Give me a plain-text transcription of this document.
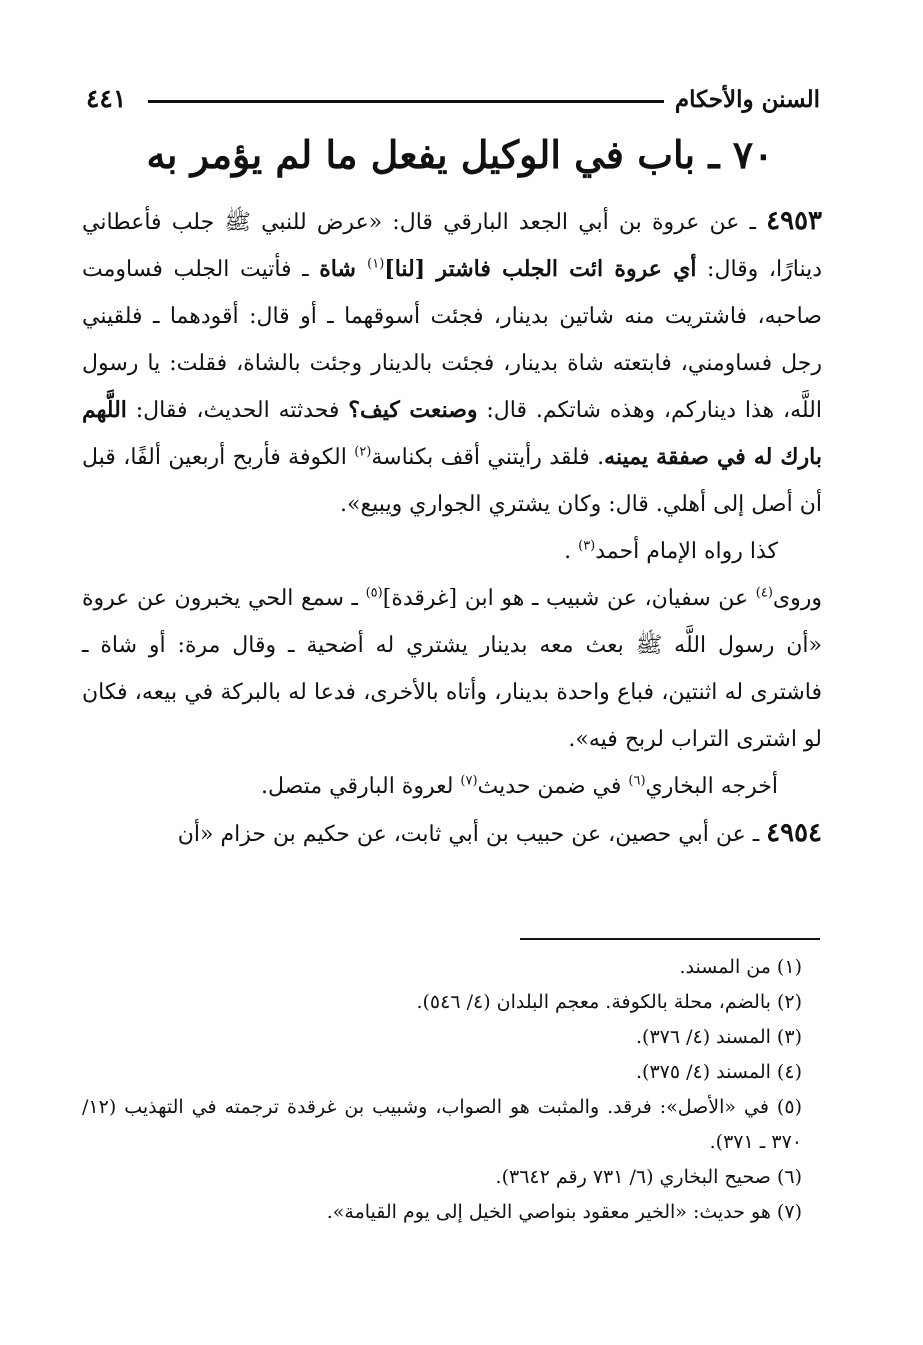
السنن والأحكام
٤٤١
٧٠ ـ باب في الوكيل يفعل ما لم يؤمر به

٤٩٥٣ ـ عن عروة بن أبي الجعد البارقي قال: «عرض للنبي ﷺ جلب فأعطاني دينارًا، وقال: أي عروة ائت الجلب فاشتر [لنا]$^{(١)}$ شاة ـ فأتيت الجلب فساومت صاحبه، فاشتريت منه شاتين بدينار، فجئت أسوقهما ـ أو قال: أقودهما ـ فلقيني رجل فساومني، فابتعته شاة بدينار، فجئت بالدينار وجئت بالشاة، فقلت: يا رسول اللَّه، هذا ديناركم، وهذه شاتكم. قال: وصنعت كيف؟ فحدثته الحديث، فقال: اللَّهم بارك له في صفقة يمينه. فلقد رأيتني أقف بكناسة$^{(٢)}$ الكوفة فأربح أربعين ألفًا، قبل أن أصل إلى أهلي. قال: وكان يشتري الجواري ويبيع».

كذا رواه الإمام أحمد$^{(٣)}$ .

وروى$^{(٤)}$ عن سفيان، عن شبيب ـ هو ابن [غرقدة]$^{(٥)}$ ـ سمع الحي يخبرون عن عروة «أن رسول اللَّه ﷺ بعث معه بدينار يشتري له أضحية ـ وقال مرة: أو شاة ـ فاشترى له اثنتين، فباع واحدة بدينار، وأتاه بالأخرى، فدعا له بالبركة في بيعه، فكان لو اشترى التراب لربح فيه».

أخرجه البخاري$^{(٦)}$ في ضمن حديث$^{(٧)}$ لعروة البارقي متصل.

٤٩٥٤ ـ عن أبي حصين، عن حبيب بن أبي ثابت، عن حكيم بن حزام «أن

(١) من المسند.

(٢) بالضم، محلة بالكوفة. معجم البلدان (٤/ ٥٤٦).

(٣) المسند (٤/ ٣٧٦).

(٤) المسند (٤/ ٣٧٥).

(٥) في «الأصل»: فرقد. والمثبت هو الصواب، وشبيب بن غرقدة ترجمته في التهذيب (١٢/ ٣٧٠ ـ ٣٧١).

(٦) صحيح البخاري (٦/ ٧٣١ رقم ٣٦٤٢).

(٧) هو حديث: «الخير معقود بنواصي الخيل إلى يوم القيامة».
